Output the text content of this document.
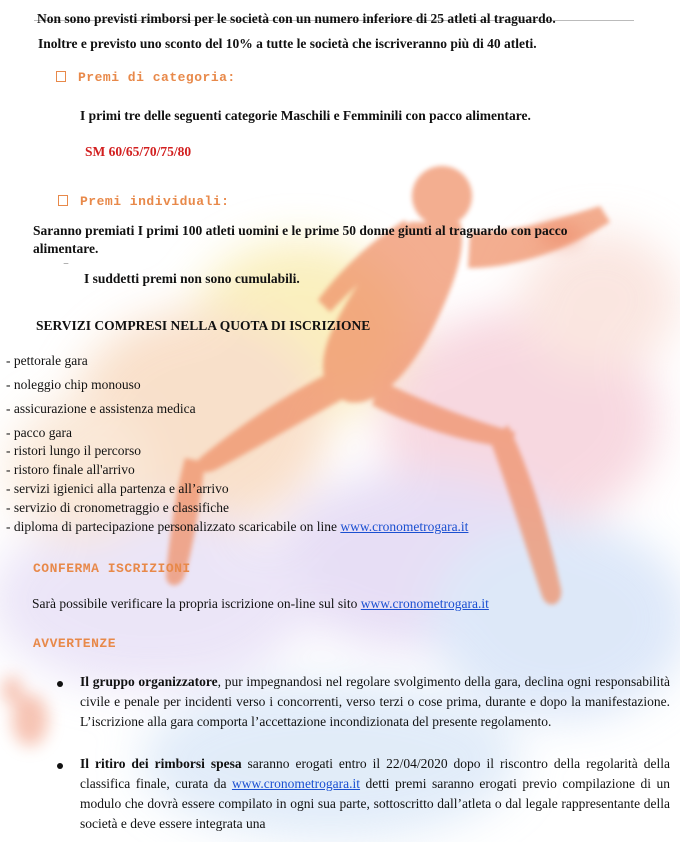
Non sono previsti rimborsi per le società con un numero inferiore di 25 atleti al traguardo.

Inoltre e previsto uno sconto del 10% a tutte le società che iscriveranno più di 40 atleti.

Premi di categoria:

I primi tre delle seguenti categorie Maschili e Femminili con pacco alimentare.

SM 60/65/70/75/80

Premi individuali:

Saranno premiati I primi 100 atleti uomini e le prime 50 donne giunti al traguardo con pacco

alimentare.

‾

I suddetti premi non sono cumulabili.

SERVIZI COMPRESI NELLA QUOTA DI ISCRIZIONE

- pettorale gara
- noleggio chip monouso
- assicurazione e assistenza medica
- pacco gara
- ristori lungo il percorso
- ristoro finale all'arrivo
- servizi igienici alla partenza e all’arrivo
- servizio di cronometraggio e classifiche
- diploma di partecipazione personalizzato scaricabile on line www.cronometrogara.it

CONFERMA ISCRIZIONI

Sarà possibile verificare la propria iscrizione on-line sul sito www.cronometrogara.it

AVVERTENZE

Il gruppo organizzatore, pur impegnandosi nel regolare svolgimento della gara, declina ogni responsabilità civile e penale per incidenti verso i concorrenti, verso terzi o cose prima, durante e dopo la manifestazione. L’iscrizione alla gara comporta l’accettazione incondizionata del presente regolamento.

Il ritiro dei rimborsi spesa saranno erogati entro il 22/04/2020 dopo il riscontro della regolarità della classifica finale, curata da www.cronometrogara.it detti premi saranno erogati previo compilazione di un modulo che dovrà essere compilato in ogni sua parte, sottoscritto dall’atleta o dal legale rappresentante della società e deve essere integrata una
